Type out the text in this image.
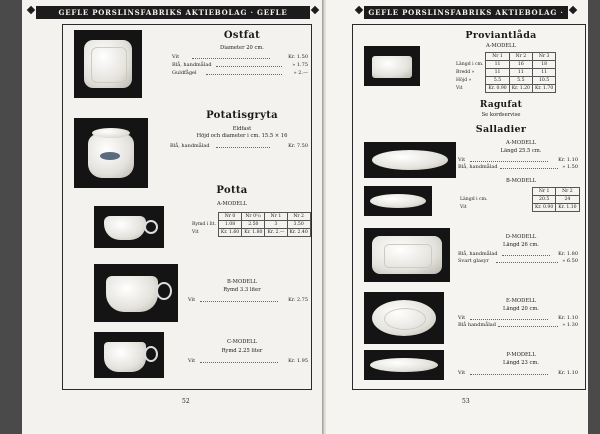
GEFLE PORSLINSFABRIKS AKTIEBOLAG · GEFLE
Ostfat
Diameter 20 cm.
Vit	Kr. 1.50
Blå, handmålad	» 1.75
Guldfågel	» 2.—
Potatisgryta
Eldfast
Höjd och diameter i cm. 15.5 × 16
Blå, handmålad	Kr. 7.50
Potta
A-MODELL
	Nr 0	Nr 0¹/₂	Nr 1	Nr 2
Rymd i lit.	1.08	2.50	3	3.50
Vit	Kr. 1.60	Kr. 1.80	Kr. 2.—	Kr. 2.40
B-MODELL
Rymd 3.3 liter
Vit	Kr. 2.75
C-MODELL
Rymd 2.25 liter
Vit	Kr. 1.95
52
GEFLE PORSLINSFABRIKS AKTIEBOLAG · GEFLE
Proviantlåda
A-MODELL
	Nr 1	Nr 2	Nr 3
Längd i cm.	11	16	18
Bredd »	11	11	11
Höjd »	5.5	5.5	10.5
Vit	Kr. 0.90	Kr. 1.20	Kr. 1.70
Ragufat
Se kordservise
Salladier
A-MODELL
Längd 25.5 cm.
Vit	Kr. 1.10
Blå, handmålad	» 1.50
B-MODELL
	Nr 1	Nr 2
Längd i cm.	20.5	24
Vit	Kr. 0.90	Kr. 1.10
D-MODELL
Längd 26 cm.
Blå, handmålad	Kr. 1.80
Svart glasyr	» 6.50
E-MODELL
Längd 20 cm.
Vit	Kr. 1.10
Blå handmålad	» 1.30
P-MODELL
Längd 23 cm.
Vit	Kr. 1.10
53
